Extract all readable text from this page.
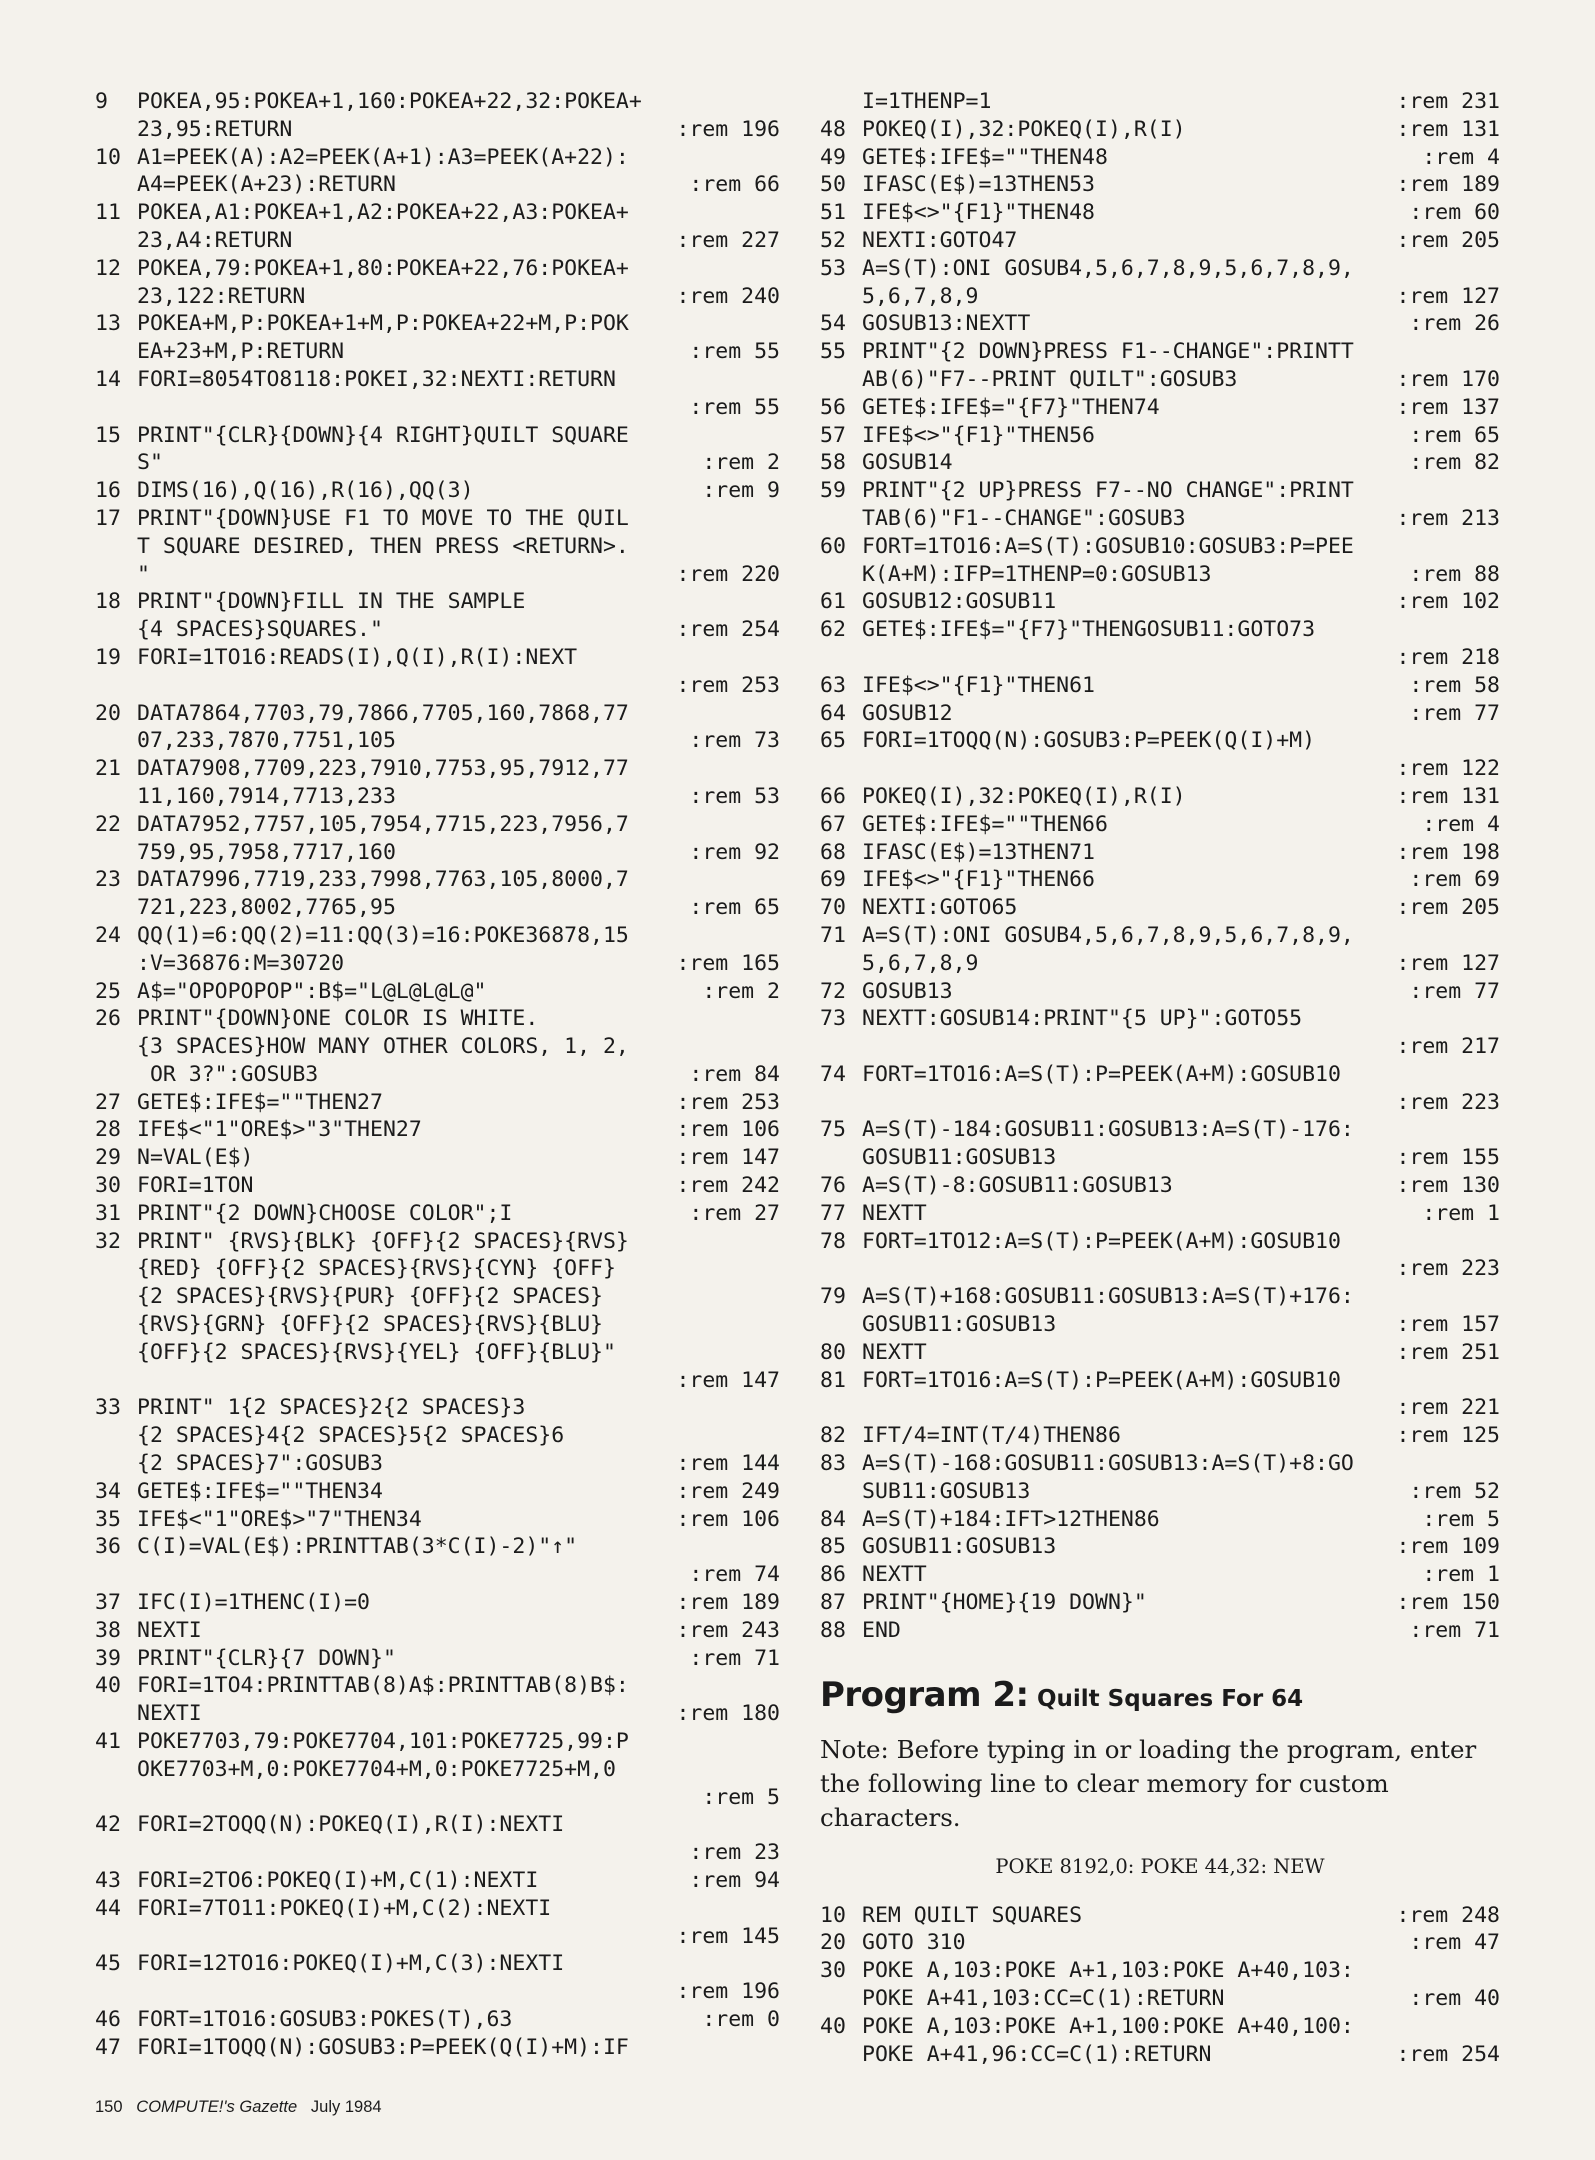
9	POKEA,95:POKEA+1,160:POKEA+22,32:POKEA+
23,95:RETURN	:rem 196
10 A1=PEEK(A):A2=PEEK(A+1):A3=PEEK(A+22):
A4=PEEK(A+23):RETURN	:rem 66
11 POKEA,A1:POKEA+1,A2:POKEA+22,A3:POKEA+
23,A4:RETURN	:rem 227
12 POKEA,79:POKEA+1,80:POKEA+22,76:POKEA+
23,122:RETURN	:rem 240
13 POKEA+M,P:POKEA+1+M,P:POKEA+22+M,P:POK
EA+23+M,P:RETURN	:rem 55
14 FORI=8054TO8118:POKEI,32:NEXTI:RETURN
:rem 55
15 PRINT"{CLR}{DOWN}{4 RIGHT}QUILT SQUARE
S"	:rem 2
16 DIMS(16),Q(16),R(16),QQ(3)	:rem 9
17 PRINT"{DOWN}USE F1 TO MOVE TO THE QUIL
T SQUARE DESIRED, THEN PRESS <RETURN>.
"	:rem 220
18 PRINT"{DOWN}FILL IN THE SAMPLE
{4 SPACES}SQUARES."	:rem 254
19 FORI=1TO16:READS(I),Q(I),R(I):NEXT
:rem 253
20 DATA7864,7703,79,7866,7705,160,7868,77
07,233,7870,7751,105	:rem 73
21 DATA7908,7709,223,7910,7753,95,7912,77
11,160,7914,7713,233	:rem 53
22 DATA7952,7757,105,7954,7715,223,7956,7
759,95,7958,7717,160	:rem 92
23 DATA7996,7719,233,7998,7763,105,8000,7
721,223,8002,7765,95	:rem 65
24 QQ(1)=6:QQ(2)=11:QQ(3)=16:POKE36878,15
:V=36876:M=30720	:rem 165
25 A$="OPOPOPOP":B$="L@L@L@L@"	:rem 2
26 PRINT"{DOWN}ONE COLOR IS WHITE.
{3 SPACES}HOW MANY OTHER COLORS, 1, 2,
OR 3?":GOSUB3	:rem 84
27 GETE$:IFE$=""THEN27	:rem 253
28 IFE$<"1"ORE$>"3"THEN27	:rem 106
29 N=VAL(E$)	:rem 147
30 FORI=1TON	:rem 242
31 PRINT"{2 DOWN}CHOOSE COLOR";I	:rem 27
32 PRINT" {RVS}{BLK} {OFF}{2 SPACES}{RVS}
{RED} {OFF}{2 SPACES}{RVS}{CYN} {OFF}
{2 SPACES}{RVS}{PUR} {OFF}{2 SPACES}
{RVS}{GRN} {OFF}{2 SPACES}{RVS}{BLU}
{OFF}{2 SPACES}{RVS}{YEL} {OFF}{BLU}"
:rem 147
33 PRINT" 1{2 SPACES}2{2 SPACES}3
{2 SPACES}4{2 SPACES}5{2 SPACES}6
{2 SPACES}7":GOSUB3	:rem 144
34 GETE$:IFE$=""THEN34	:rem 249
35 IFE$<"1"ORE$>"7"THEN34	:rem 106
36 C(I)=VAL(E$):PRINTTAB(3*C(I)-2)"↑"
:rem 74
37 IFC(I)=1THENC(I)=0	:rem 189
38 NEXTI	:rem 243
39 PRINT"{CLR}{7 DOWN}"	:rem 71
40 FORI=1TO4:PRINTTAB(8)A$:PRINTTAB(8)B$:
NEXTI	:rem 180
41 POKE7703,79:POKE7704,101:POKE7725,99:P
OKE7703+M,0:POKE7704+M,0:POKE7725+M,0
:rem 5
42 FORI=2TOQQ(N):POKEQ(I),R(I):NEXTI
:rem 23
43 FORI=2TO6:POKEQ(I)+M,C(1):NEXTI	:rem 94
44 FORI=7TO11:POKEQ(I)+M,C(2):NEXTI
:rem 145
45 FORI=12TO16:POKEQ(I)+M,C(3):NEXTI
:rem 196
46 FORT=1TO16:GOSUB3:POKES(T),63	:rem 0
47 FORI=1TOQQ(N):GOSUB3:P=PEEK(Q(I)+M):IF
I=1THENP=1	:rem 231
48 POKEQ(I),32:POKEQ(I),R(I)	:rem 131
49 GETE$:IFE$=""THEN48	:rem 4
50 IFASC(E$)=13THEN53	:rem 189
51 IFE$<>"{F1}"THEN48	:rem 60
52 NEXTI:GOTO47	:rem 205
53 A=S(T):ONI GOSUB4,5,6,7,8,9,5,6,7,8,9,
5,6,7,8,9	:rem 127
54 GOSUB13:NEXTT	:rem 26
55 PRINT"{2 DOWN}PRESS F1--CHANGE":PRINTT
AB(6)"F7--PRINT QUILT":GOSUB3	:rem 170
56 GETE$:IFE$="{F7}"THEN74	:rem 137
57 IFE$<>"{F1}"THEN56	:rem 65
58 GOSUB14	:rem 82
59 PRINT"{2 UP}PRESS F7--NO CHANGE":PRINT
TAB(6)"F1--CHANGE":GOSUB3	:rem 213
60 FORT=1TO16:A=S(T):GOSUB10:GOSUB3:P=PEE
K(A+M):IFP=1THENP=0:GOSUB13	:rem 88
61 GOSUB12:GOSUB11	:rem 102
62 GETE$:IFE$="{F7}"THENGOSUB11:GOTO73
:rem 218
63 IFE$<>"{F1}"THEN61	:rem 58
64 GOSUB12	:rem 77
65 FORI=1TOQQ(N):GOSUB3:P=PEEK(Q(I)+M)
:rem 122
66 POKEQ(I),32:POKEQ(I),R(I)	:rem 131
67 GETE$:IFE$=""THEN66	:rem 4
68 IFASC(E$)=13THEN71	:rem 198
69 IFE$<>"{F1}"THEN66	:rem 69
70 NEXTI:GOTO65	:rem 205
71 A=S(T):ONI GOSUB4,5,6,7,8,9,5,6,7,8,9,
5,6,7,8,9	:rem 127
72 GOSUB13	:rem 77
73 NEXTT:GOSUB14:PRINT"{5 UP}":GOTO55
:rem 217
74 FORT=1TO16:A=S(T):P=PEEK(A+M):GOSUB10
:rem 223
75 A=S(T)-184:GOSUB11:GOSUB13:A=S(T)-176:
GOSUB11:GOSUB13	:rem 155
76 A=S(T)-8:GOSUB11:GOSUB13	:rem 130
77 NEXTT	:rem 1
78 FORT=1TO12:A=S(T):P=PEEK(A+M):GOSUB10
:rem 223
79 A=S(T)+168:GOSUB11:GOSUB13:A=S(T)+176:
GOSUB11:GOSUB13	:rem 157
80 NEXTT	:rem 251
81 FORT=1TO16:A=S(T):P=PEEK(A+M):GOSUB10
:rem 221
82 IFT/4=INT(T/4)THEN86	:rem 125
83 A=S(T)-168:GOSUB11:GOSUB13:A=S(T)+8:GO
SUB11:GOSUB13	:rem 52
84 A=S(T)+184:IFT>12THEN86	:rem 5
85 GOSUB11:GOSUB13	:rem 109
86 NEXTT	:rem 1
87 PRINT"{HOME}{19 DOWN}"	:rem 150
88 END	:rem 71
Program 2: Quilt Squares For 64
Note: Before typing in or loading the program, enter the following line to clear memory for custom characters.
POKE 8192,0: POKE 44,32: NEW
10 REM QUILT SQUARES	:rem 248
20 GOTO 310	:rem 47
30 POKE A,103:POKE A+1,103:POKE A+40,103:
POKE A+41,103:CC=C(1):RETURN	:rem 40
40 POKE A,103:POKE A+1,100:POKE A+40,100:
POKE A+41,96:CC=C(1):RETURN	:rem 254
150 COMPUTE!'s Gazette July 1984
